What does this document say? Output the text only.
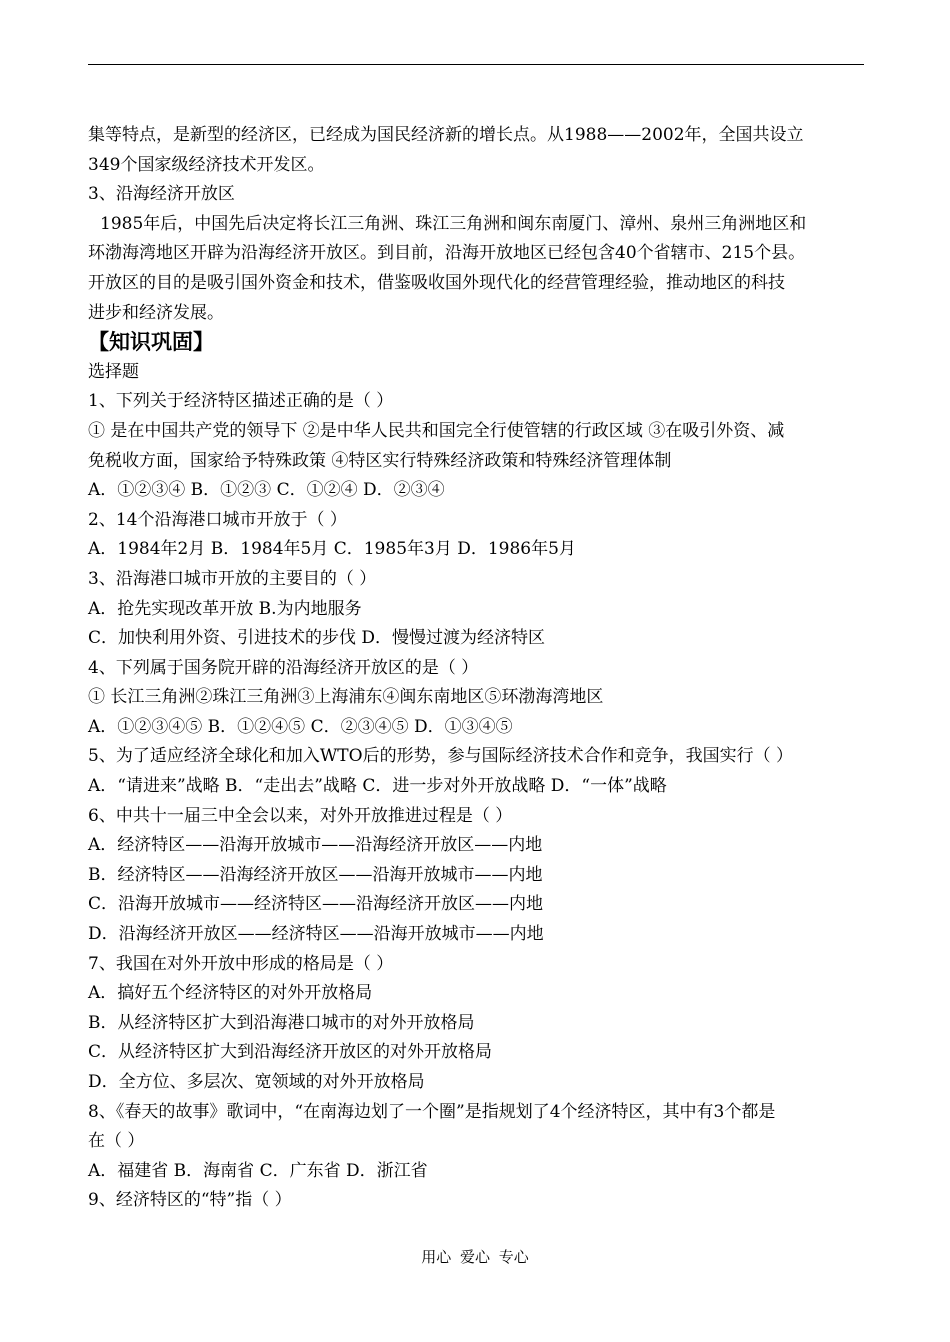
集等特点，是新型的经济区，已经成为国民经济新的增长点。从1988——2002年，全国共设立
349个国家级经济技术开发区。
3、沿海经济开放区
1985年后，中国先后决定将长江三角洲、珠江三角洲和闽东南厦门、漳州、泉州三角洲地区和
环渤海湾地区开辟为沿海经济开放区。到目前，沿海开放地区已经包含40个省辖市、215个县。
开放区的目的是吸引国外资金和技术，借鉴吸收国外现代化的经营管理经验，推动地区的科技
进步和经济发展。
【知识巩固】
选择题
1、下列关于经济特区描述正确的是（ ）
① 是在中国共产党的领导下 ②是中华人民共和国完全行使管辖的行政区域 ③在吸引外资、减
免税收方面，国家给予特殊政策 ④特区实行特殊经济政策和特殊经济管理体制
A．①②③④ B．①②③ C．①②④ D．②③④
2、14个沿海港口城市开放于（ ）
A．1984年2月 B．1984年5月 C．1985年3月 D．1986年5月
3、沿海港口城市开放的主要目的（ ）
A．抢先实现改革开放 B.为内地服务
C．加快利用外资、引进技术的步伐 D．慢慢过渡为经济特区
4、下列属于国务院开辟的沿海经济开放区的是（ ）
① 长江三角洲②珠江三角洲③上海浦东④闽东南地区⑤环渤海湾地区
A．①②③④⑤ B．①②④⑤ C．②③④⑤ D．①③④⑤
5、为了适应经济全球化和加入WTO后的形势，参与国际经济技术合作和竞争，我国实行（ ）
A．“请进来”战略 B．“走出去”战略 C．进一步对外开放战略 D．“一体”战略
6、中共十一届三中全会以来，对外开放推进过程是（ ）
A．经济特区——沿海开放城市——沿海经济开放区——内地
B．经济特区——沿海经济开放区——沿海开放城市——内地
C．沿海开放城市——经济特区——沿海经济开放区——内地
D．沿海经济开放区——经济特区——沿海开放城市——内地
7、我国在对外开放中形成的格局是（ ）
A．搞好五个经济特区的对外开放格局
B．从经济特区扩大到沿海港口城市的对外开放格局
C．从经济特区扩大到沿海经济开放区的对外开放格局
D．全方位、多层次、宽领域的对外开放格局
8、《春天的故事》歌词中，“在南海边划了一个圈”是指规划了4个经济特区，其中有3个都是
在（ ）
A．福建省 B．海南省 C．广东省 D．浙江省
9、经济特区的“特”指（ ）
用心 爱心 专心
